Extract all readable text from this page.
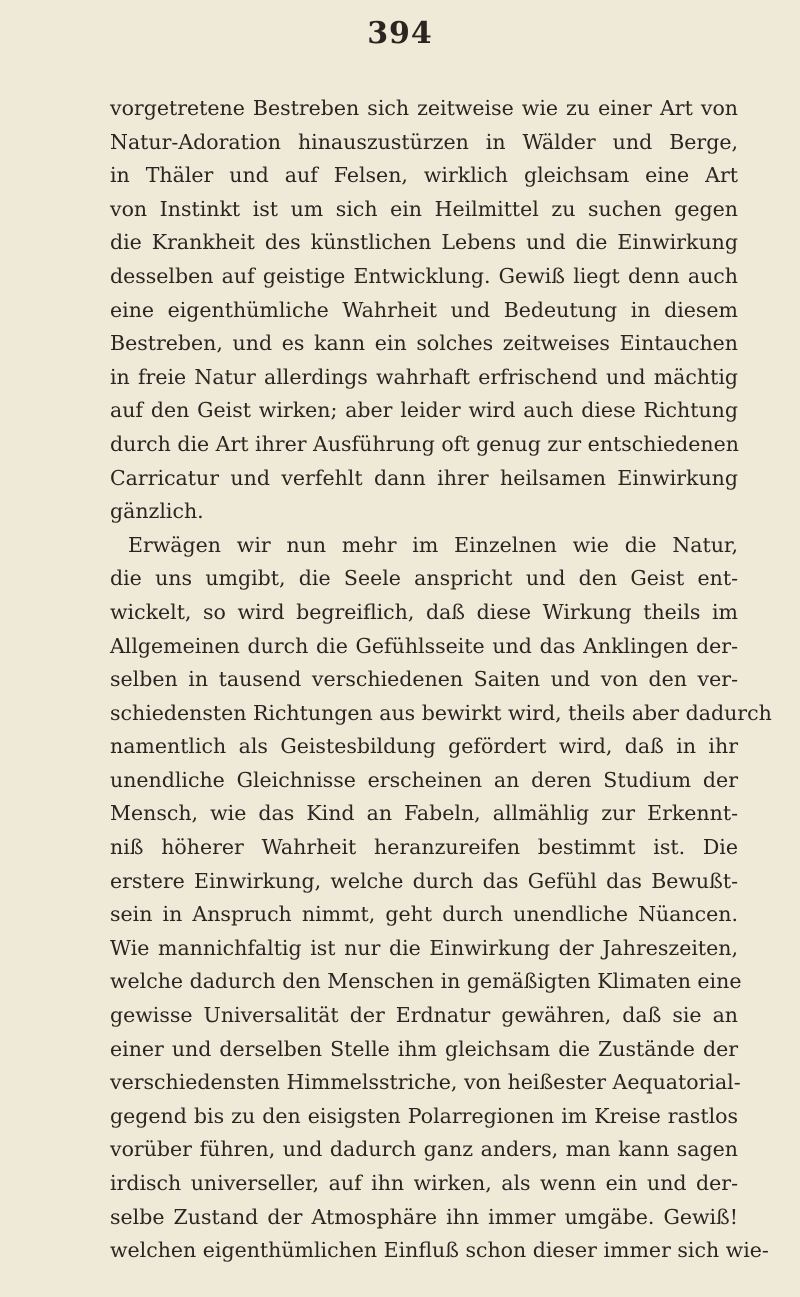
394
vorgetretene Bestreben sich zeitweise wie zu einer Art von
Natur-Adoration hinauszustürzen in Wälder und Berge,
in Thäler und auf Felsen, wirklich gleichsam eine Art
von Instinkt ist um sich ein Heilmittel zu suchen gegen
die Krankheit des künstlichen Lebens und die Einwirkung
desselben auf geistige Entwicklung. Gewiß liegt denn auch
eine eigenthümliche Wahrheit und Bedeutung in diesem
Bestreben, und es kann ein solches zeitweises Eintauchen
in freie Natur allerdings wahrhaft erfrischend und mächtig
auf den Geist wirken; aber leider wird auch diese Richtung
durch die Art ihrer Ausführung oft genug zur entschiedenen
Carricatur und verfehlt dann ihrer heilsamen Einwirkung
gänzlich.
Erwägen wir nun mehr im Einzelnen wie die Natur,
die uns umgibt, die Seele anspricht und den Geist ent-
wickelt, so wird begreiflich, daß diese Wirkung theils im
Allgemeinen durch die Gefühlsseite und das Anklingen der-
selben in tausend verschiedenen Saiten und von den ver-
schiedensten Richtungen aus bewirkt wird, theils aber dadurch
namentlich als Geistesbildung gefördert wird, daß in ihr
unendliche Gleichnisse erscheinen an deren Studium der
Mensch, wie das Kind an Fabeln, allmählig zur Erkennt-
niß höherer Wahrheit heranzureifen bestimmt ist. Die
erstere Einwirkung, welche durch das Gefühl das Bewußt-
sein in Anspruch nimmt, geht durch unendliche Nüancen.
Wie mannichfaltig ist nur die Einwirkung der Jahreszeiten,
welche dadurch den Menschen in gemäßigten Klimaten eine
gewisse Universalität der Erdnatur gewähren, daß sie an
einer und derselben Stelle ihm gleichsam die Zustände der
verschiedensten Himmelsstriche, von heißester Aequatorial-
gegend bis zu den eisigsten Polarregionen im Kreise rastlos
vorüber führen, und dadurch ganz anders, man kann sagen
irdisch universeller, auf ihn wirken, als wenn ein und der-
selbe Zustand der Atmosphäre ihn immer umgäbe. Gewiß!
welchen eigenthümlichen Einfluß schon dieser immer sich wie-
